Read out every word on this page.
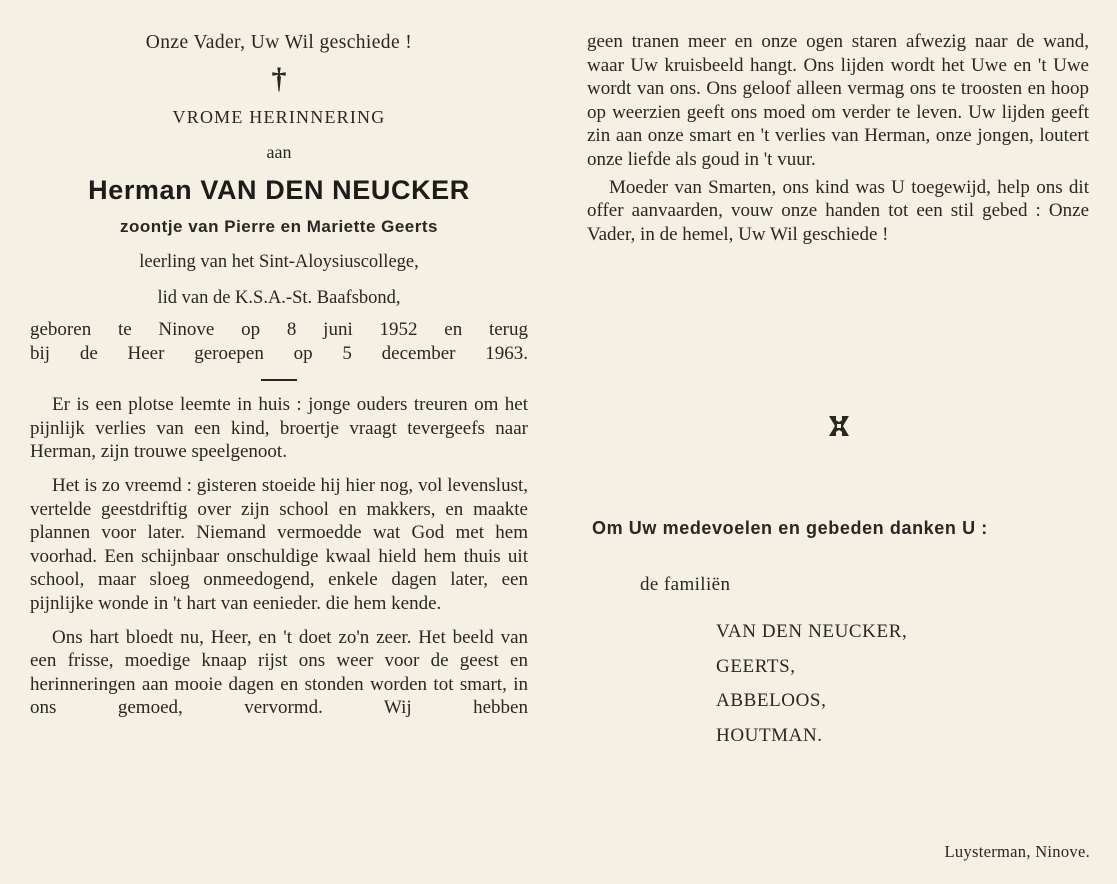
Onze Vader, Uw Wil geschiede !
†
VROME HERINNERING
aan
Herman VAN DEN NEUCKER
zoontje van Pierre en Mariette Geerts
leerling van het Sint-Aloysiuscollege,
lid van de K.S.A.-St. Baafsbond,
geboren te Ninove op 8 juni 1952 en terug
bij de Heer geroepen op 5 december 1963.

Er is een plotse leemte in huis : jonge ouders treuren om het pijnlijk verlies van een kind, broertje vraagt tevergeefs naar Herman, zijn trouwe speelgenoot.

Het is zo vreemd : gisteren stoeide hij hier nog, vol levenslust, vertelde geestdriftig over zijn school en makkers, en maakte plannen voor later. Niemand vermoedde wat God met hem voorhad. Een schijnbaar onschuldige kwaal hield hem thuis uit school, maar sloeg onmeedogend, enkele dagen later, een pijnlijke wonde in 't hart van eenieder. die hem kende.

Ons hart bloedt nu, Heer, en 't doet zo'n zeer. Het beeld van een frisse, moedige knaap rijst ons weer voor de geest en herinneringen aan mooie dagen en stonden worden tot smart, in ons gemoed, vervormd. Wij hebben

geen tranen meer en onze ogen staren afwezig naar de wand, waar Uw kruisbeeld hangt. Ons lijden wordt het Uwe en 't Uwe wordt van ons. Ons geloof alleen vermag ons te troosten en hoop op weerzien geeft ons moed om verder te leven. Uw lijden geeft zin aan onze smart en 't verlies van Herman, onze jongen, loutert onze liefde als goud in 't vuur.

Moeder van Smarten, ons kind was U toegewijd, help ons dit offer aanvaarden, vouw onze handen tot een stil gebed : Onze Vader, in de hemel, Uw Wil geschiede !

Om Uw medevoelen en gebeden danken U :
de familiën
VAN DEN NEUCKER,
GEERTS,
ABBELOOS,
HOUTMAN.
Luysterman, Ninove.
